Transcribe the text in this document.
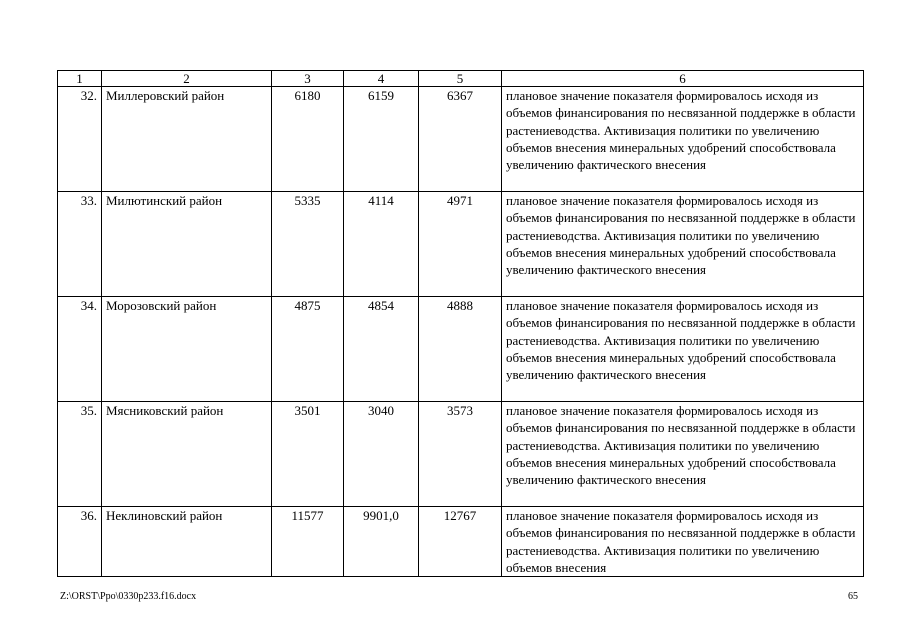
1	2	3	4	5	6
32.	Миллеровский район	6180	6159	6367	плановое значение показателя формировалось исходя из объемов финансирования по несвязанной поддержке в области растениеводства. Активизация политики по увеличению объемов внесения минеральных удобрений способствовала увеличению фактического внесения
33.	Милютинский район	5335	4114	4971	плановое значение показателя формировалось исходя из объемов финансирования по несвязанной поддержке в области растениеводства. Активизация политики по увеличению объемов внесения минеральных удобрений способствовала увеличению фактического внесения
34.	Морозовский район	4875	4854	4888	плановое значение показателя формировалось исходя из объемов финансирования по несвязанной поддержке в области растениеводства. Активизация политики по увеличению объемов внесения минеральных удобрений способствовала увеличению фактического внесения
35.	Мясниковский район	3501	3040	3573	плановое значение показателя формировалось исходя из объемов финансирования по несвязанной поддержке в области растениеводства. Активизация политики по увеличению объемов внесения минеральных удобрений способствовала увеличению фактического внесения
36.	Неклиновский район	11577	9901,0	12767	плановое значение показателя формировалось исходя из объемов финансирования по несвязанной поддержке в области растениеводства. Активизация политики по увеличению объемов внесения
Z:\ORST\Ppo\0330p233.f16.docx	65
